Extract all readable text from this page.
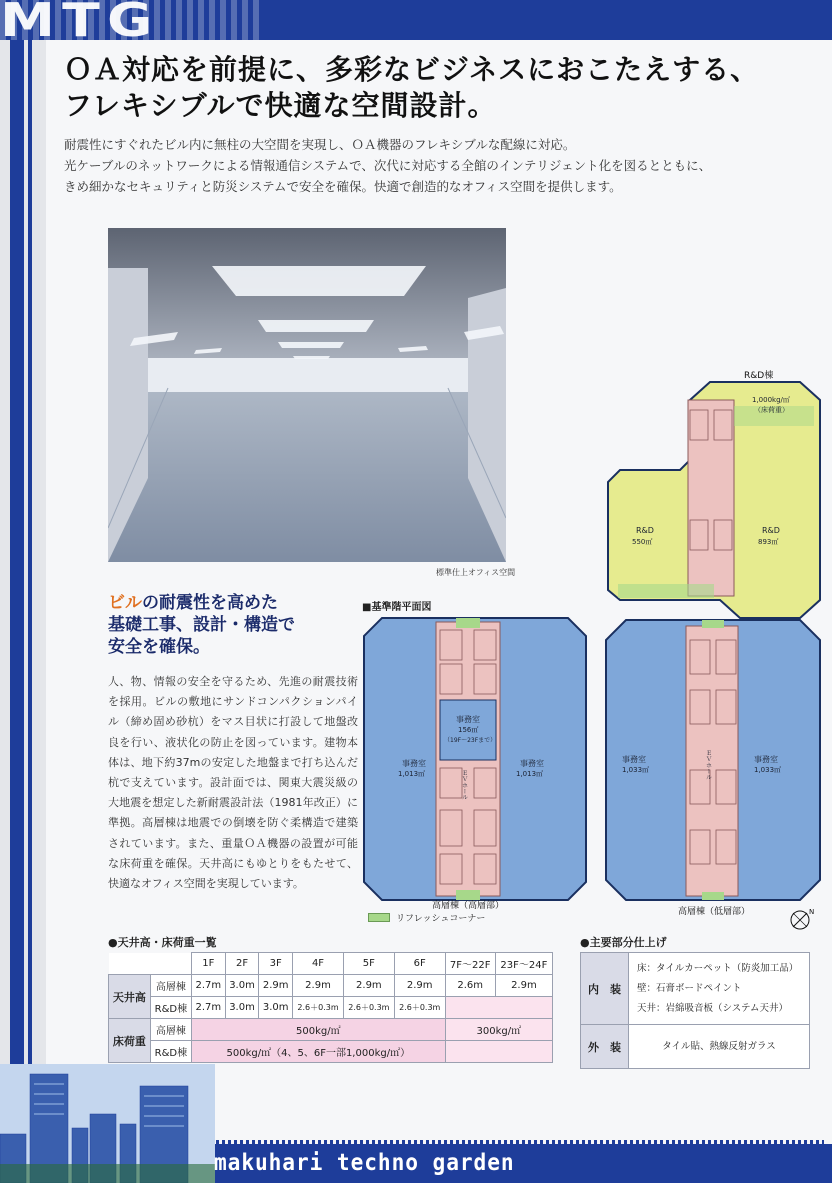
MTG
ＯＡ対応を前提に、多彩なビジネスにおこたえする、
フレキシブルで快適な空間設計。
耐震性にすぐれたビル内に無柱の大空間を実現し、ＯＡ機器のフレキシブルな配線に対応。
光ケーブルのネットワークによる情報通信システムで、次代に対応する全館のインテリジェント化を図るとともに、
きめ細かなセキュリティと防災システムで安全を確保。快適で創造的なオフィス空間を提供します。
標準仕上オフィス空間
ビルの耐震性を高めた
基礎工事、設計・構造で
安全を確保。
人、物、情報の安全を守るため、先進の耐震技術を採用。ビルの敷地にサンドコンパクションパイル（締め固め砂杭）をマス目状に打設して地盤改良を行い、液状化の防止を図っています。建物本体は、地下約37mの安定した地盤まで打ち込んだ杭で支えています。設計面では、関東大震災級の大地震を想定した新耐震設計法（1981年改正）に準拠。高層棟は地震での倒壊を防ぐ柔構造で建築されています。また、重量ＯＡ機器の設置が可能な床荷重を確保。天井高にもゆとりをもたせて、快適なオフィス空間を実現しています。
■基準階平面図
事務室
1,013㎡
事務室
1,013㎡
事務室
156㎡
（19F〜23Fまで）
ＥＶホール
高層棟（高層部）
R&D棟
1,000kg/㎡
（床荷重）
R&D
550㎡
R&D
893㎡
事務室
1,033㎡
事務室
1,033㎡
ＥＶホール
高層棟（低層部）	N
リフレッシュコーナー
●天井高・床荷重一覧
		1F	2F	3F	4F	5F	6F	7F〜22F	23F〜24F
天井高	高層棟	2.7m	3.0m	2.9m	2.9m	2.9m	2.9m	2.6m	2.9m
	R&D棟	2.7m	3.0m	3.0m	2.6＋0.3m	2.6＋0.3m	2.6＋0.3m		
床荷重	高層棟	500kg/㎡						300kg/㎡	
	R&D棟	500kg/㎡（4、5、6F一部1,000kg/㎡）							
●主要部分仕上げ
内　装	床：タイルカーペット（防炎加工品）
壁：石膏ボードペイント
天井：岩綿吸音板（システム天井）

外　装	タイル貼、熱線反射ガラス
makuhari techno garden
